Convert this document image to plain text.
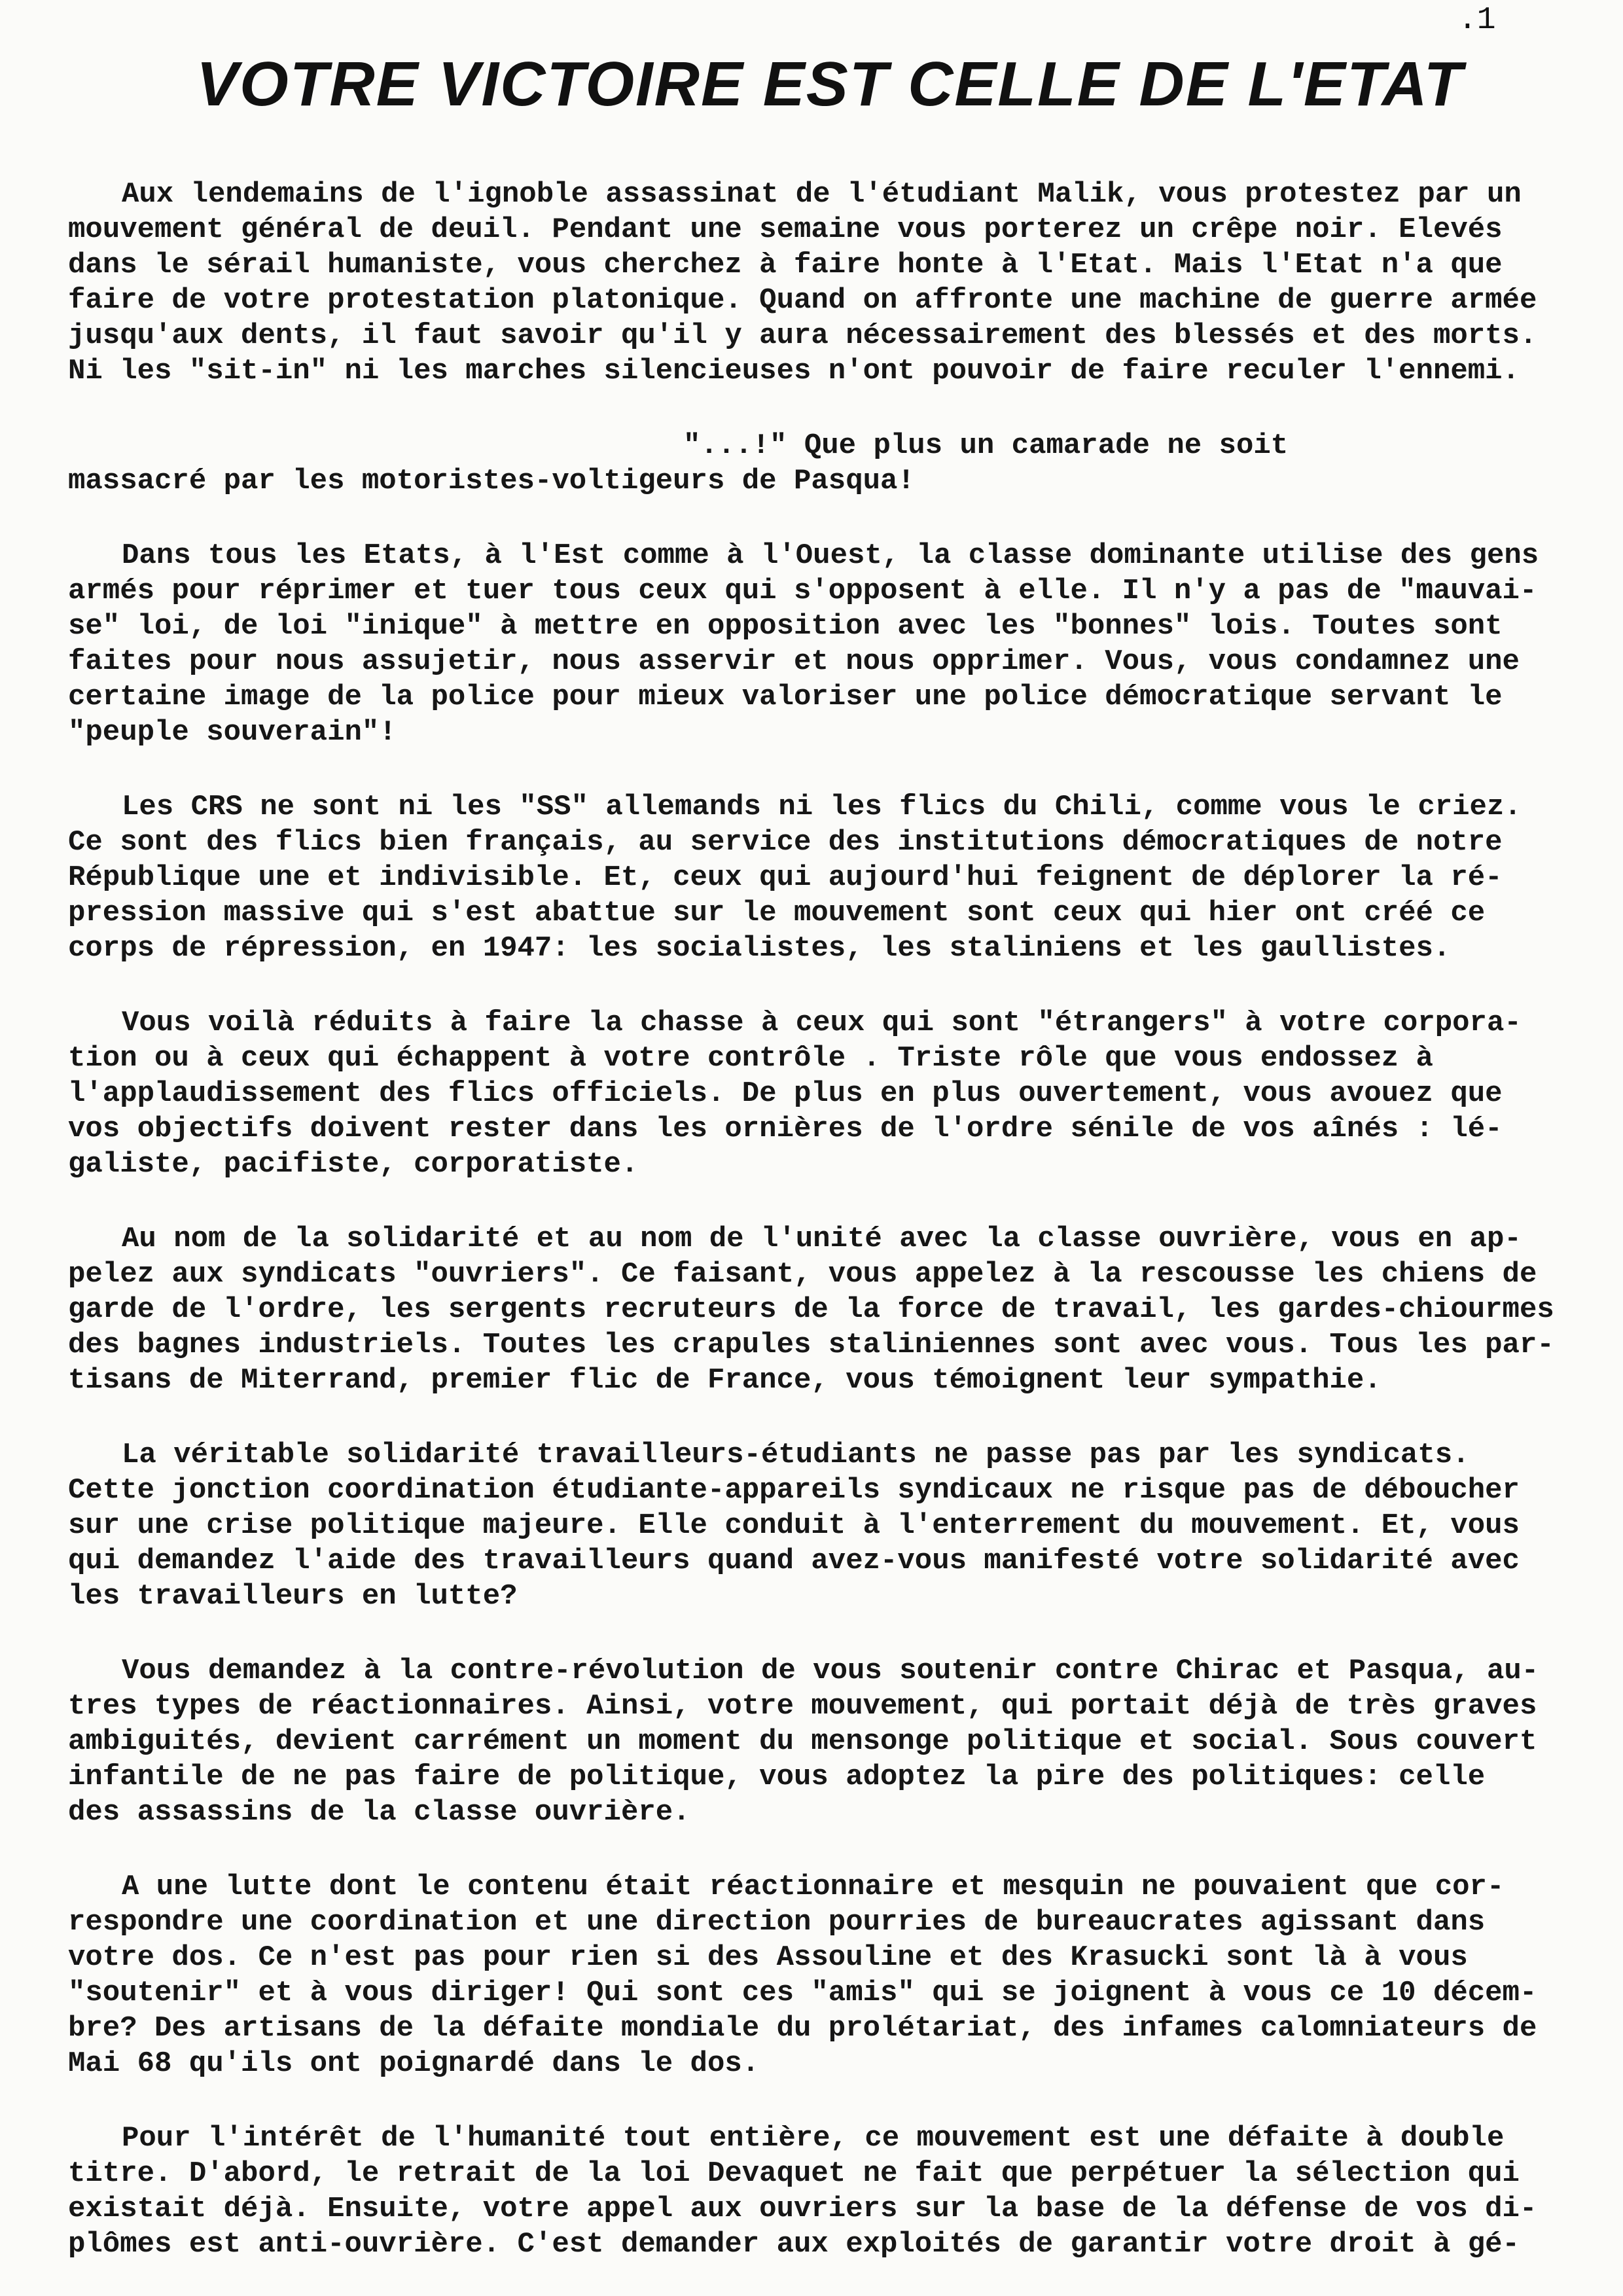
.1
VOTRE VICTOIRE EST CELLE DE L'ETAT
Aux lendemains de l'ignoble assassinat de l'étudiant Malik, vous protestez par un
mouvement général de deuil. Pendant une semaine vous porterez un crêpe noir. Elevés
dans le sérail humaniste, vous cherchez à faire honte à l'Etat. Mais l'Etat n'a que
faire de votre protestation platonique. Quand on affronte une machine de guerre armée
jusqu'aux dents, il faut savoir qu'il y aura nécessairement des blessés et des morts.
Ni les "sit-in" ni les marches silencieuses n'ont pouvoir de faire reculer l'ennemi.
"...!" Que plus un camarade ne soit
massacré par les motoristes-voltigeurs de Pasqua!
Dans tous les Etats, à l'Est comme à l'Ouest, la classe dominante utilise des gens
armés pour réprimer et tuer tous ceux qui s'opposent à elle. Il n'y a pas de "mauvai-
se" loi, de loi "inique" à mettre en opposition avec les "bonnes" lois. Toutes sont
faites pour nous assujetir, nous asservir et nous opprimer. Vous, vous condamnez une
certaine image de la police pour mieux valoriser une police démocratique servant le
"peuple souverain"!
Les CRS ne sont ni les "SS" allemands ni les flics du Chili, comme vous le criez.
Ce sont des flics bien français, au service des institutions démocratiques de notre
République une et indivisible. Et, ceux qui aujourd'hui feignent de déplorer la ré-
pression massive qui s'est abattue sur le mouvement sont ceux qui hier ont créé ce
corps de répression, en 1947: les socialistes, les staliniens et les gaullistes.
Vous voilà réduits à faire la chasse à ceux qui sont "étrangers" à votre corpora-
tion ou à ceux qui échappent à votre contrôle . Triste rôle que vous endossez à
l'applaudissement des flics officiels. De plus en plus ouvertement, vous avouez que
vos objectifs doivent rester dans les ornières de l'ordre sénile de vos aînés : lé-
galiste, pacifiste, corporatiste.
Au nom de la solidarité et au nom de l'unité avec la classe ouvrière, vous en ap-
pelez aux syndicats "ouvriers". Ce faisant, vous appelez à la rescousse les chiens de
garde de l'ordre, les sergents recruteurs de la force de travail, les gardes-chiourmes
des bagnes industriels. Toutes les crapules staliniennes sont avec vous. Tous les par-
tisans de Miterrand, premier flic de France, vous témoignent leur sympathie.
La véritable solidarité travailleurs-étudiants ne passe pas par les syndicats.
Cette jonction coordination étudiante-appareils syndicaux ne risque pas de déboucher
sur une crise politique majeure. Elle conduit à l'enterrement du mouvement. Et, vous
qui demandez l'aide des travailleurs quand avez-vous manifesté votre solidarité avec
les travailleurs en lutte?
Vous demandez à la contre-révolution de vous soutenir contre Chirac et Pasqua, au-
tres types de réactionnaires. Ainsi, votre mouvement, qui portait déjà de très graves
ambiguités, devient carrément un moment du mensonge politique et social. Sous couvert
infantile de ne pas faire de politique, vous adoptez la pire des politiques: celle
des assassins de la classe ouvrière.
A une lutte dont le contenu était réactionnaire et mesquin ne pouvaient que cor-
respondre une coordination et une direction pourries de bureaucrates agissant dans
votre dos. Ce n'est pas pour rien si des Assouline et des Krasucki sont là à vous
"soutenir" et à vous diriger! Qui sont ces "amis" qui se joignent à vous ce 10 décem-
bre? Des artisans de la défaite mondiale du prolétariat, des infames calomniateurs de
Mai 68 qu'ils ont poignardé dans le dos.
Pour l'intérêt de l'humanité tout entière, ce mouvement est une défaite à double
titre. D'abord, le retrait de la loi Devaquet ne fait que perpétuer la sélection qui
existait déjà. Ensuite, votre appel aux ouvriers sur la base de la défense de vos di-
plômes est anti-ouvrière. C'est demander aux exploités de garantir votre droit à gé-
